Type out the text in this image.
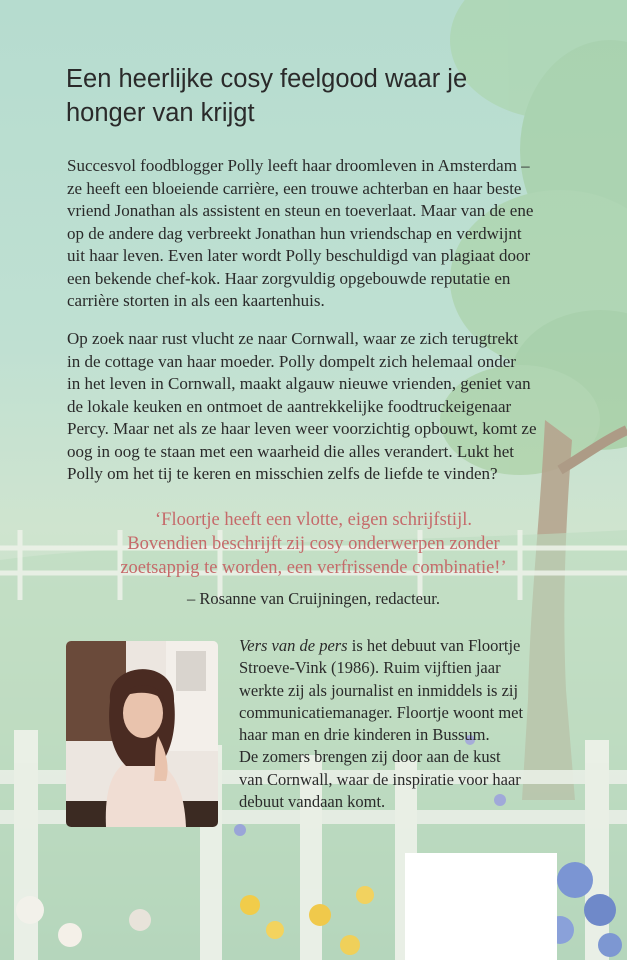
Een heerlijke cosy feelgood waar je
honger van krijgt
Succesvol foodblogger Polly leeft haar droomleven in Amsterdam –
ze heeft een bloeiende carrière, een trouwe achterban en haar beste
vriend Jonathan als assistent en steun en toeverlaat. Maar van de ene
op de andere dag verbreekt Jonathan hun vriendschap en verdwijnt
uit haar leven. Even later wordt Polly beschuldigd van plagiaat door
een bekende chef-kok. Haar zorgvuldig opgebouwde reputatie en
carrière storten in als een kaartenhuis.
Op zoek naar rust vlucht ze naar Cornwall, waar ze zich terugtrekt
in de cottage van haar moeder. Polly dompelt zich helemaal onder
in het leven in Cornwall, maakt algauw nieuwe vrienden, geniet van
de lokale keuken en ontmoet de aantrekkelijke foodtruckeigenaar
Percy. Maar net als ze haar leven weer voorzichtig opbouwt, komt ze
oog in oog te staan met een waarheid die alles verandert. Lukt het
Polly om het tij te keren en misschien zelfs de liefde te vinden?
‘Floortje heeft een vlotte, eigen schrijfstijl.
Bovendien beschrijft zij cosy onderwerpen zonder
zoetsappig te worden, een verfrissende combinatie!’
– Rosanne van Cruijningen, redacteur.
Vers van de pers is het debuut van Floortje
Stroeve-Vink (1986). Ruim vijftien jaar
werkte zij als journalist en inmiddels is zij
communicatiemanager. Floortje woont met
haar man en drie kinderen in Bussum.
De zomers brengen zij door aan de kust
van Cornwall, waar de inspiratie voor haar
debuut vandaan komt.
